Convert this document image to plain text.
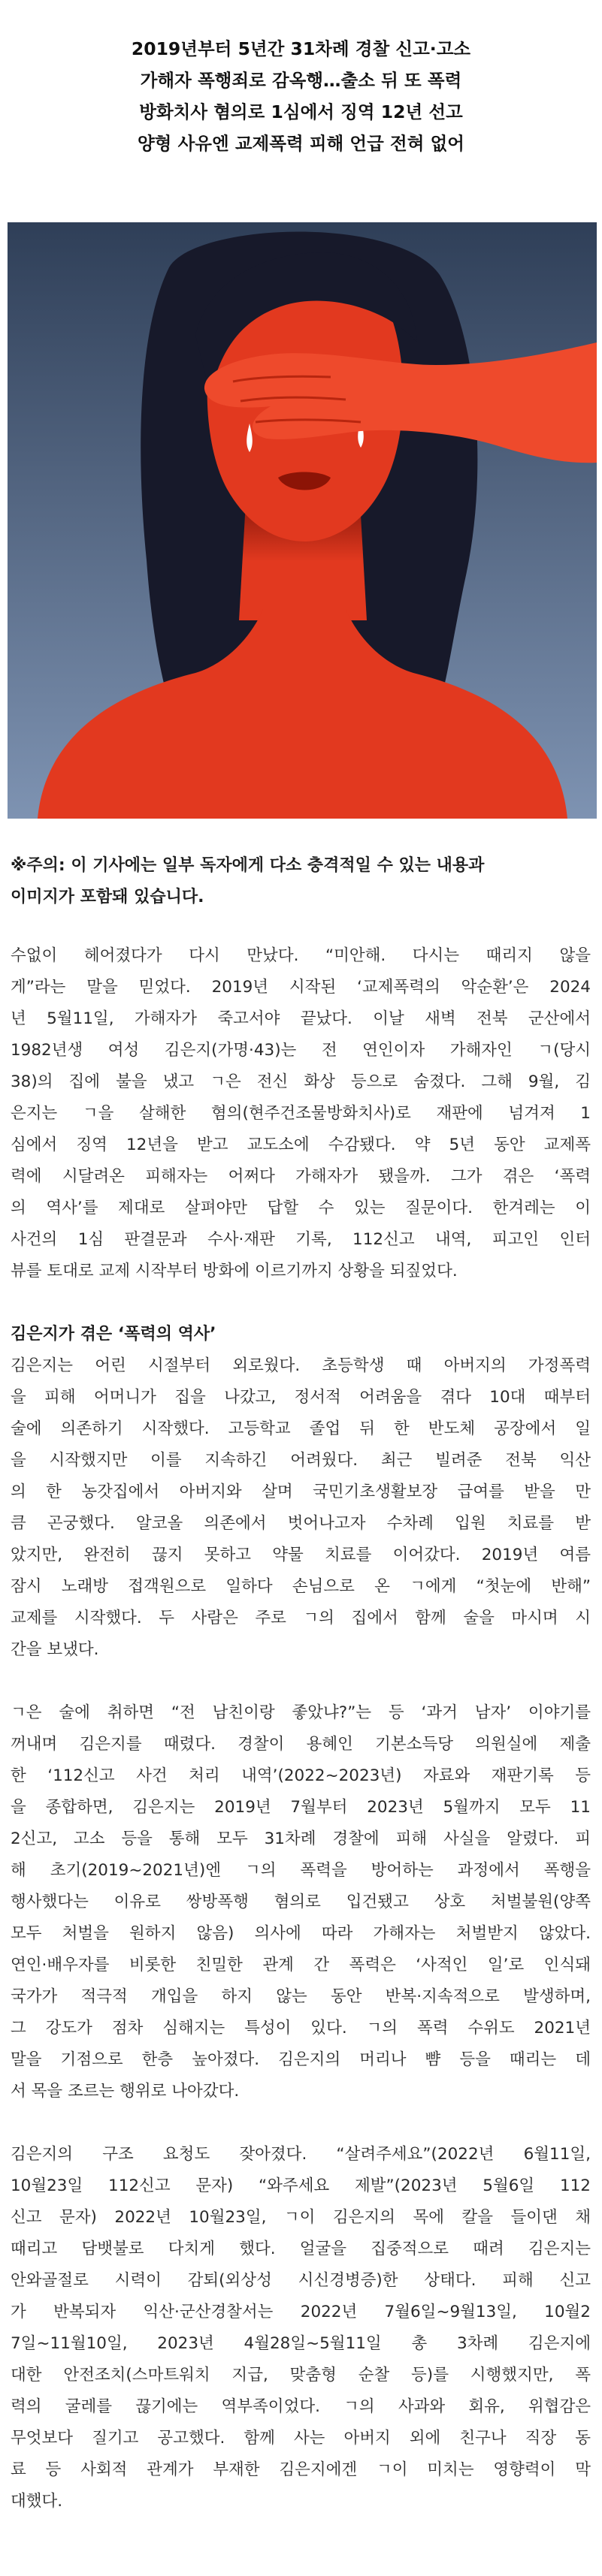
2019년부터 5년간 31차례 경찰 신고·고소
가해자 폭행죄로 감옥행…출소 뒤 또 폭력
방화치사 혐의로 1심에서 징역 12년 선고
양형 사유엔 교제폭력 피해 언급 전혀 없어
※주의: 이 기사에는 일부 독자에게 다소 충격적일 수 있는 내용과
이미지가 포함돼 있습니다.
수없이 헤어졌다가 다시 만났다. “미안해. 다시는 때리지 않을
게”라는 말을 믿었다. 2019년 시작된 ‘교제폭력의 악순환’은 2024
년 5월11일, 가해자가 죽고서야 끝났다. 이날 새벽 전북 군산에서
1982년생 여성 김은지(가명·43)는 전 연인이자 가해자인 ㄱ(당시
38)의 집에 불을 냈고 ㄱ은 전신 화상 등으로 숨졌다. 그해 9월, 김
은지는 ㄱ을 살해한 혐의(현주건조물방화치사)로 재판에 넘겨져 1
심에서 징역 12년을 받고 교도소에 수감됐다. 약 5년 동안 교제폭
력에 시달려온 피해자는 어쩌다 가해자가 됐을까. 그가 겪은 ‘폭력
의 역사’를 제대로 살펴야만 답할 수 있는 질문이다. 한겨레는 이
사건의 1심 판결문과 수사·재판 기록, 112신고 내역, 피고인 인터
뷰를 토대로 교제 시작부터 방화에 이르기까지 상황을 되짚었다.
김은지가 겪은 ‘폭력의 역사’
김은지는 어린 시절부터 외로웠다. 초등학생 때 아버지의 가정폭력
을 피해 어머니가 집을 나갔고, 정서적 어려움을 겪다 10대 때부터
술에 의존하기 시작했다. 고등학교 졸업 뒤 한 반도체 공장에서 일
을 시작했지만 이를 지속하긴 어려웠다. 최근 빌려준 전북 익산
의 한 농갓집에서 아버지와 살며 국민기초생활보장 급여를 받을 만
큼 곤궁했다. 알코올 의존에서 벗어나고자 수차례 입원 치료를 받
았지만, 완전히 끊지 못하고 약물 치료를 이어갔다. 2019년 여름
잠시 노래방 접객원으로 일하다 손님으로 온 ㄱ에게 “첫눈에 반해”
교제를 시작했다. 두 사람은 주로 ㄱ의 집에서 함께 술을 마시며 시
간을 보냈다.
ㄱ은 술에 취하면 “전 남친이랑 좋았냐?”는 등 ‘과거 남자’ 이야기를
꺼내며 김은지를 때렸다. 경찰이 용혜인 기본소득당 의원실에 제출
한 ‘112신고 사건 처리 내역’(2022~2023년) 자료와 재판기록 등
을 종합하면, 김은지는 2019년 7월부터 2023년 5월까지 모두 11
2신고, 고소 등을 통해 모두 31차례 경찰에 피해 사실을 알렸다. 피
해 초기(2019~2021년)엔 ㄱ의 폭력을 방어하는 과정에서 폭행을
행사했다는 이유로 쌍방폭행 혐의로 입건됐고 상호 처벌불원(양쪽
모두 처벌을 원하지 않음) 의사에 따라 가해자는 처벌받지 않았다.
연인·배우자를 비롯한 친밀한 관계 간 폭력은 ‘사적인 일’로 인식돼
국가가 적극적 개입을 하지 않는 동안 반복·지속적으로 발생하며,
그 강도가 점차 심해지는 특성이 있다. ㄱ의 폭력 수위도 2021년
말을 기점으로 한층 높아졌다. 김은지의 머리나 뺨 등을 때리는 데
서 목을 조르는 행위로 나아갔다.
김은지의 구조 요청도 잦아졌다. “살려주세요”(2022년 6월11일,
10월23일 112신고 문자) “와주세요 제발”(2023년 5월6일 112
신고 문자) 2022년 10월23일, ㄱ이 김은지의 목에 칼을 들이댄 채
때리고 담뱃불로 다치게 했다. 얼굴을 집중적으로 때려 김은지는
안와골절로 시력이 감퇴(외상성 시신경병증)한 상태다. 피해 신고
가 반복되자 익산·군산경찰서는 2022년 7월6일~9월13일, 10월2
7일~11월10일, 2023년 4월28일~5월11일 총 3차례 김은지에
대한 안전조치(스마트워치 지급, 맞춤형 순찰 등)를 시행했지만, 폭
력의 굴레를 끊기에는 역부족이었다. ㄱ의 사과와 회유, 위협감은
무엇보다 질기고 공고했다. 함께 사는 아버지 외에 친구나 직장 동
료 등 사회적 관계가 부재한 김은지에겐 ㄱ이 미치는 영향력이 막
대했다.
